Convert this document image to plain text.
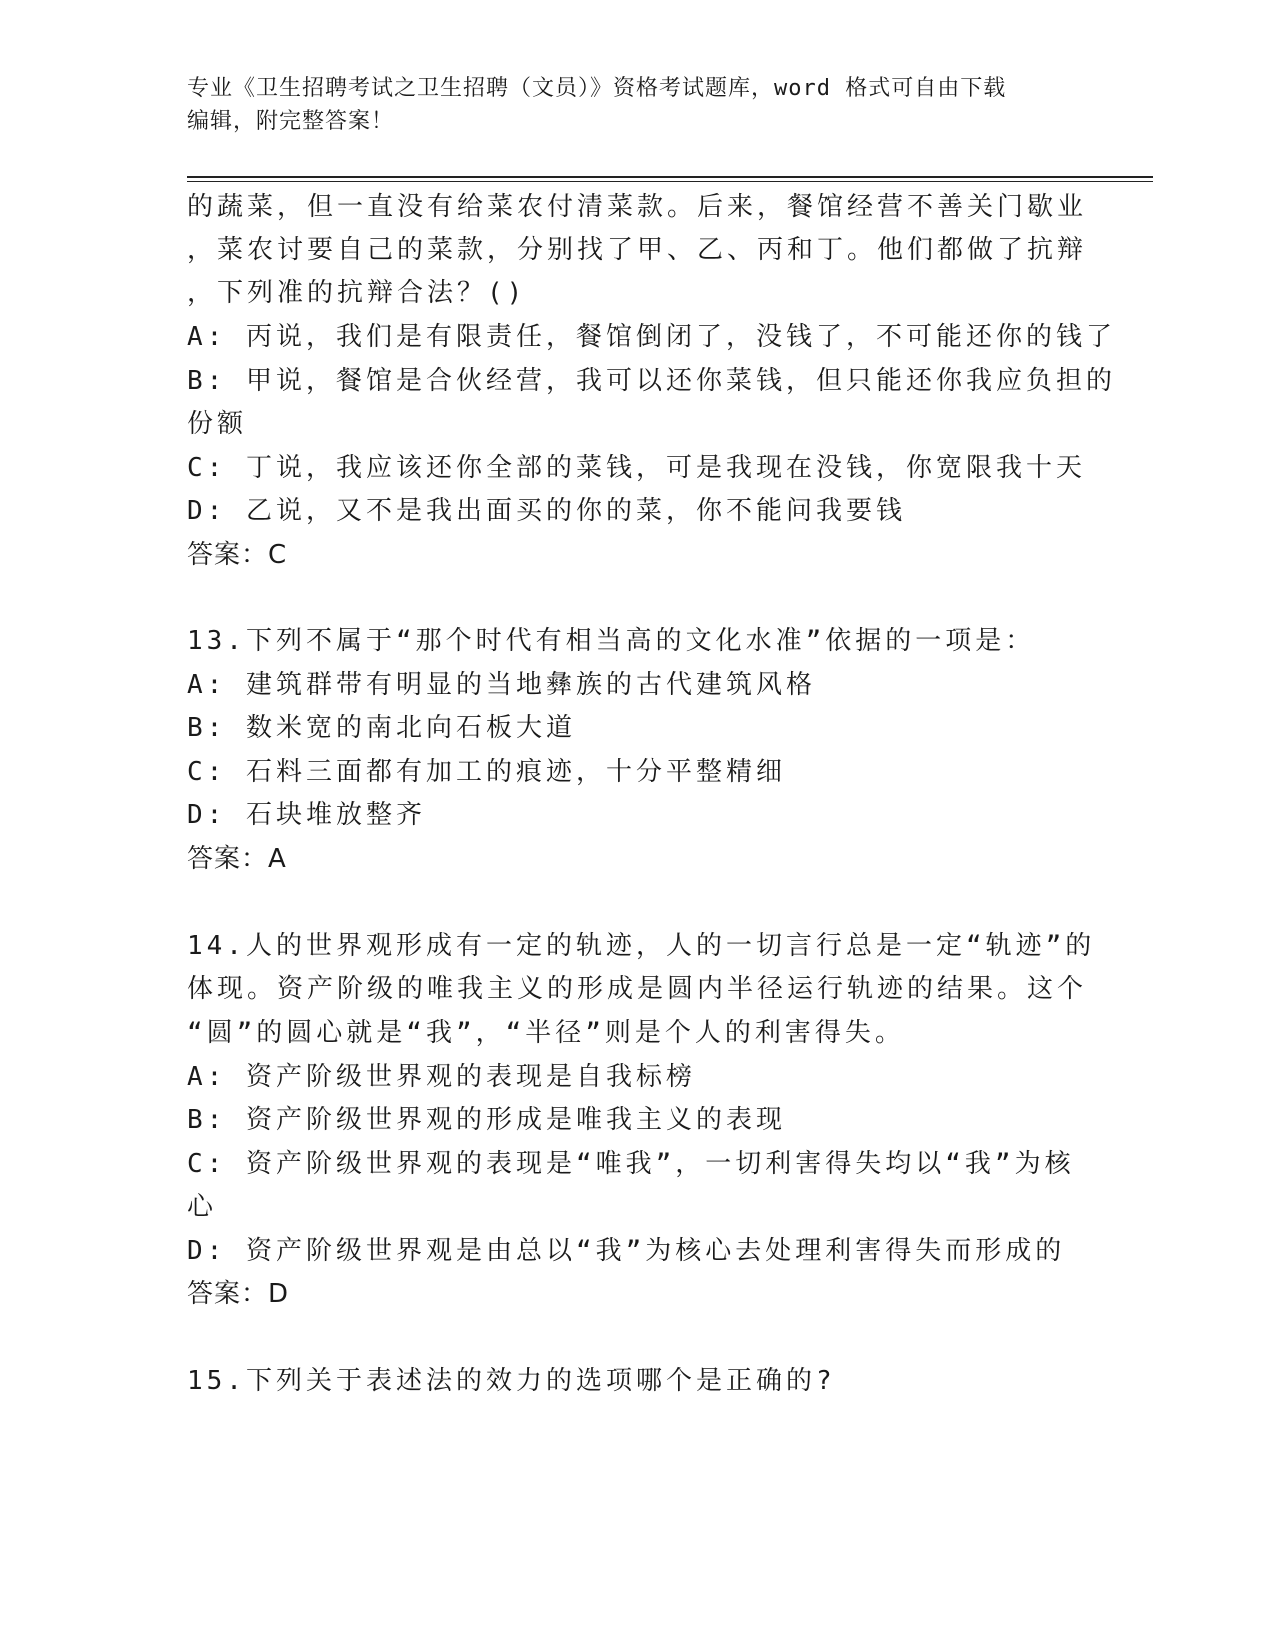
专业《卫生招聘考试之卫生招聘（文员）》资格考试题库，word 格式可自由下载
编辑，附完整答案！
的蔬菜，但一直没有给菜农付清菜款。后来，餐馆经营不善关门歇业
，菜农讨要自己的菜款，分别找了甲、乙、丙和丁。他们都做了抗辩
，下列准的抗辩合法？()
A: 丙说，我们是有限责任，餐馆倒闭了，没钱了，不可能还你的钱了
B: 甲说，餐馆是合伙经营，我可以还你菜钱，但只能还你我应负担的
份额
C: 丁说，我应该还你全部的菜钱，可是我现在没钱，你宽限我十天
D: 乙说，又不是我出面买的你的菜，你不能问我要钱
答案：C
13.下列不属于“那个时代有相当高的文化水准”依据的一项是：
A: 建筑群带有明显的当地彝族的古代建筑风格
B: 数米宽的南北向石板大道
C: 石料三面都有加工的痕迹，十分平整精细
D: 石块堆放整齐
答案：A
14.人的世界观形成有一定的轨迹，人的一切言行总是一定“轨迹”的
体现。资产阶级的唯我主义的形成是圆内半径运行轨迹的结果。这个
“圆”的圆心就是“我”，“半径”则是个人的利害得失。
A: 资产阶级世界观的表现是自我标榜
B: 资产阶级世界观的形成是唯我主义的表现
C: 资产阶级世界观的表现是“唯我”，一切利害得失均以“我”为核
心
D: 资产阶级世界观是由总以“我”为核心去处理利害得失而形成的
答案：D
15.下列关于表述法的效力的选项哪个是正确的?
